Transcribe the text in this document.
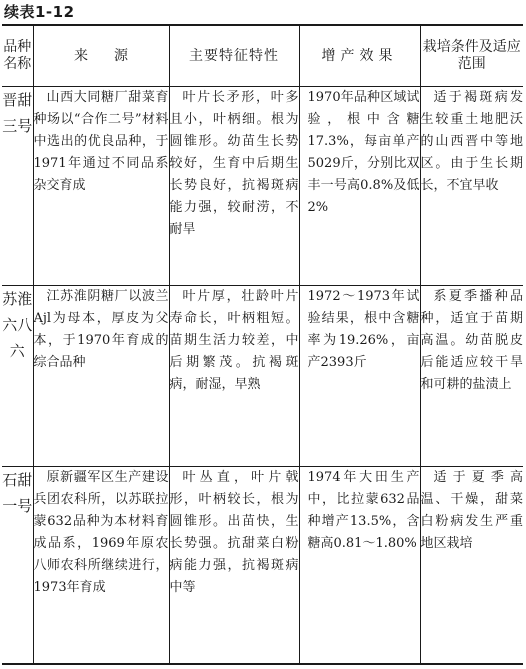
续表1-12
品种名称	来源	主要特征特性	增产效果	栽培条件及适应范围
晋甜三号	山西大同糖厂甜菜育种场以“合作二号”材料中选出的优良品种，于1971年通过不同品系杂交育成	叶片长矛形，叶多且小，叶柄细。根为圆锥形。幼苗生长势较好，生育中后期生长势良好，抗褐斑病能力强，较耐涝，不耐旱	1970年品种区域试验，根中含糖17.3%，每亩单产5029斤，分别比双丰一号高0.8%及低2%	适于褐斑病发生较重土地肥沃的山西晋中等地区。由于生长期长，不宜早收
苏淮六八六	江苏淮阴糖厂以波兰Ajl为母本，厚皮为父本，于1970年育成的综合品种	叶片厚，壮龄叶片寿命长，叶柄粗短。苗期生活力较差，中后期繁茂。抗褐斑病，耐湿，早熟	1972～1973年试验结果，根中含糖率为19.26%，亩产2393斤	系夏季播种品种，适宜于苗期高温。幼苗脱皮后能适应较干旱和可耕的盐渍上
石甜一号	原新疆军区生产建设兵团农科所，以苏联拉蒙632品种为本材料育成品系，1969年原农八师农科所继续进行，1973年育成	叶丛直，叶片戟形，叶柄较长，根为圆锥形。出苗快，生长势强。抗甜菜白粉病能力强，抗褐斑病中等	1974年大田生产中，比拉蒙632品种增产13.5%，含糖高0.81～1.80%	适于夏季高温、干燥，甜菜白粉病发生严重地区栽培
